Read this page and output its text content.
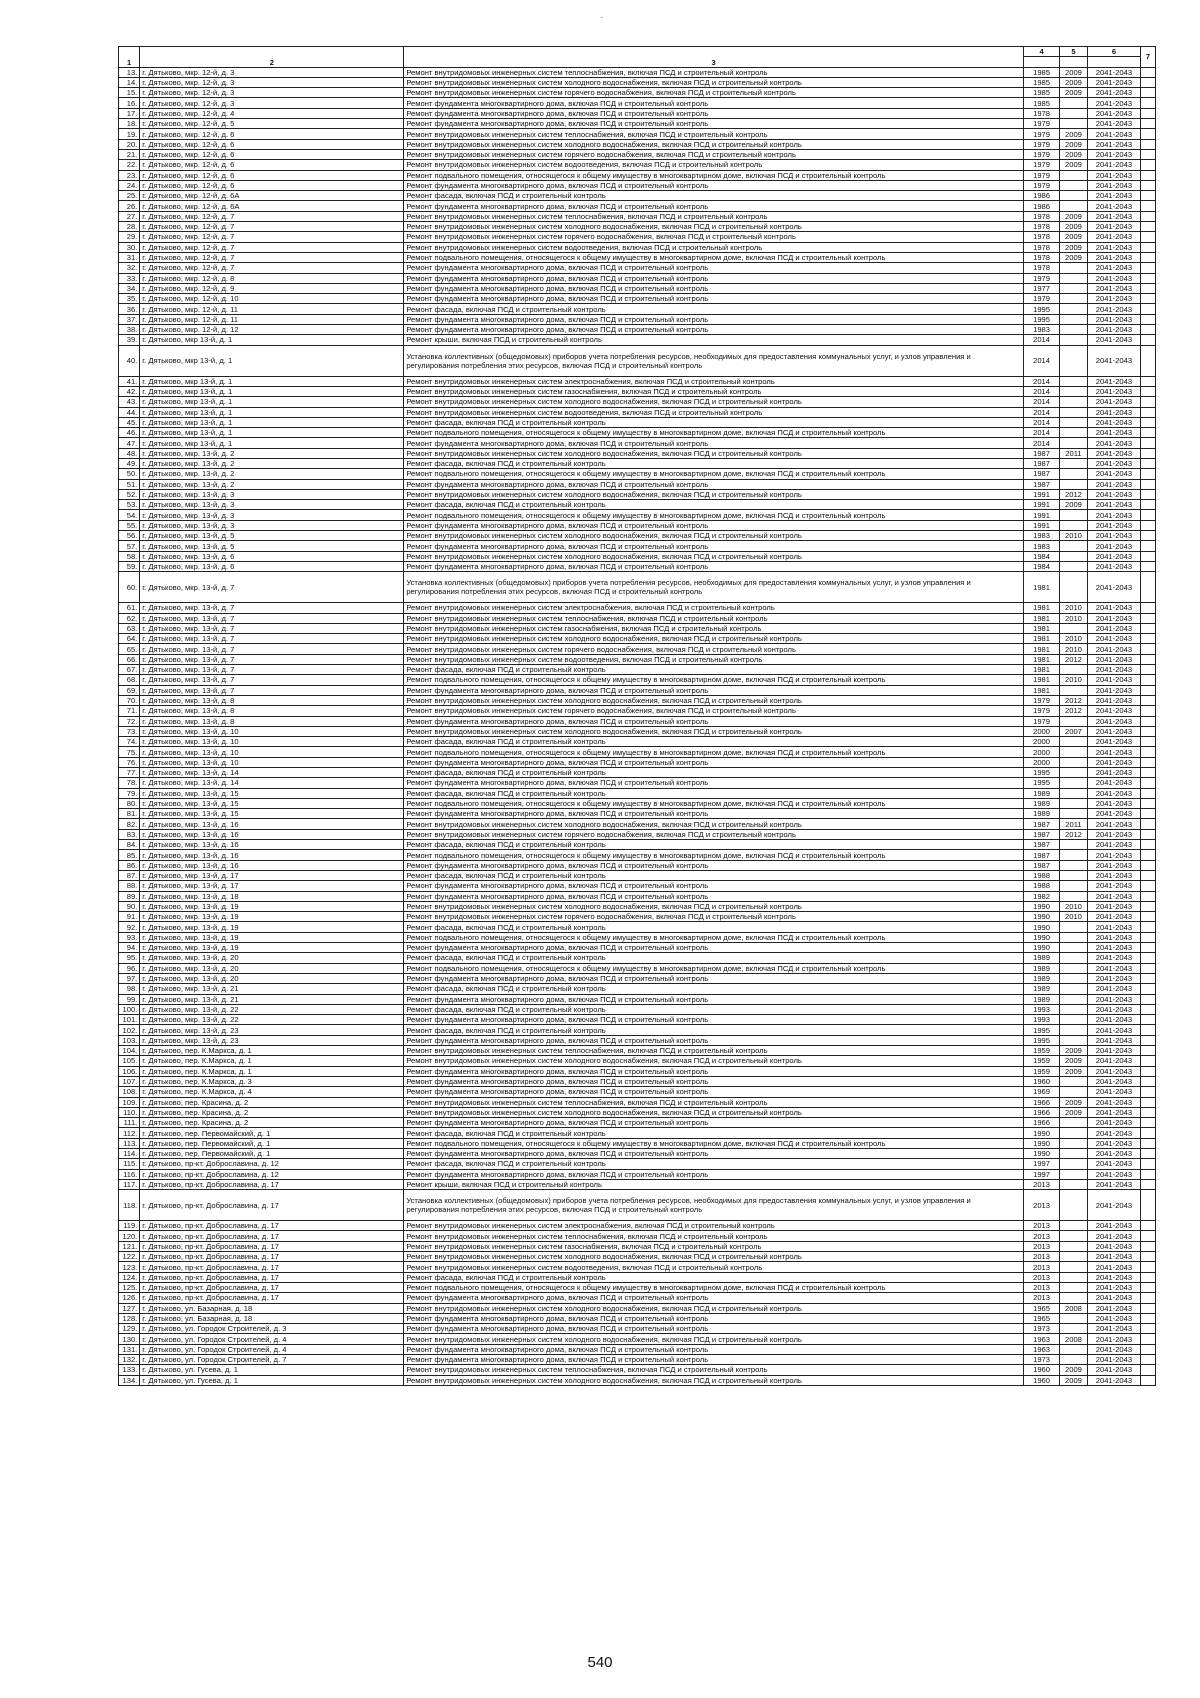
·
1	2	3	4	5	6	7

13.	г. Дятьково, мкр. 12-й, д. 3	Ремонт внутридомовых инженерных систем теплоснабжения, включая ПСД и строительный контроль	1985	2009	2041-2043	
14.	г. Дятьково, мкр. 12-й, д. 3	Ремонт внутридомовых инженерных систем холодного водоснабжения, включая ПСД и строительный контроль	1985	2009	2041-2043	
15.	г. Дятьково, мкр. 12-й, д. 3	Ремонт внутридомовых инженерных систем горячего водоснабжения, включая ПСД и строительный контроль	1985	2009	2041-2043	
16.	г. Дятьково, мкр. 12-й, д. 3	Ремонт фундамента многоквартирного дома, включая ПСД и строительный контроль	1985		2041-2043	
17.	г. Дятьково, мкр. 12-й, д. 4	Ремонт фундамента многоквартирного дома, включая ПСД и строительный контроль	1978		2041-2043	
18.	г. Дятьково, мкр. 12-й, д. 5	Ремонт фундамента многоквартирного дома, включая ПСД и строительный контроль	1979		2041-2043	
19.	г. Дятьково, мкр. 12-й, д. 6	Ремонт внутридомовых инженерных систем теплоснабжения, включая ПСД и строительный контроль	1979	2009	2041-2043	
20.	г. Дятьково, мкр. 12-й, д. 6	Ремонт внутридомовых инженерных систем холодного водоснабжения, включая ПСД и строительный контроль	1979	2009	2041-2043	
21.	г. Дятьково, мкр. 12-й, д. 6	Ремонт внутридомовых инженерных систем горячего водоснабжения, включая ПСД и строительный контроль	1979	2009	2041-2043	
22.	г. Дятьково, мкр. 12-й, д. 6	Ремонт внутридомовых инженерных систем водоотведения, включая ПСД и строительный контроль	1979	2009	2041-2043	
23.	г. Дятьково, мкр. 12-й, д. 6	Ремонт подвального помещения, относящегося к общему имуществу в многоквартирном доме, включая ПСД и строительный контроль	1979		2041-2043	
24.	г. Дятьково, мкр. 12-й, д. 6	Ремонт фундамента многоквартирного дома, включая ПСД и строительный контроль	1979		2041-2043	
25.	г. Дятьково, мкр. 12-й, д. 6А	Ремонт фасада, включая ПСД и строительный контроль	1986		2041-2043	
26.	г. Дятьково, мкр. 12-й, д. 6А	Ремонт фундамента многоквартирного дома, включая ПСД и строительный контроль	1986		2041-2043	
27.	г. Дятьково, мкр. 12-й, д. 7	Ремонт внутридомовых инженерных систем теплоснабжения, включая ПСД и строительный контроль	1978	2009	2041-2043	
28.	г. Дятьково, мкр. 12-й, д. 7	Ремонт внутридомовых инженерных систем холодного водоснабжения, включая ПСД и строительный контроль	1978	2009	2041-2043	
29.	г. Дятьково, мкр. 12-й, д. 7	Ремонт внутридомовых инженерных систем горячего водоснабжения, включая ПСД и строительный контроль	1978	2009	2041-2043	
30.	г. Дятьково, мкр. 12-й, д. 7	Ремонт внутридомовых инженерных систем водоотведения, включая ПСД и строительный контроль	1978	2009	2041-2043	
31.	г. Дятьково, мкр. 12-й, д. 7	Ремонт подвального помещения, относящегося к общему имуществу в многоквартирном доме, включая ПСД и строительный контроль	1978	2009	2041-2043	
32.	г. Дятьково, мкр. 12-й, д. 7	Ремонт фундамента многоквартирного дома, включая ПСД и строительный контроль	1978		2041-2043	
33.	г. Дятьково, мкр. 12-й, д. 8	Ремонт фундамента многоквартирного дома, включая ПСД и строительный контроль	1979		2041-2043	
34.	г. Дятьково, мкр. 12-й, д. 9	Ремонт фундамента многоквартирного дома, включая ПСД и строительный контроль	1977		2041-2043	
35.	г. Дятьково, мкр. 12-й, д. 10	Ремонт фундамента многоквартирного дома, включая ПСД и строительный контроль	1979		2041-2043	
36.	г. Дятьково, мкр. 12-й, д. 11	Ремонт фасада, включая ПСД и строительный контроль	1995		2041-2043	
37.	г. Дятьково, мкр. 12-й, д. 11	Ремонт фундамента многоквартирного дома, включая ПСД и строительный контроль	1995		2041-2043	
38.	г. Дятьково, мкр. 12-й, д. 12	Ремонт фундамента многоквартирного дома, включая ПСД и строительный контроль	1983		2041-2043	
39.	г. Дятьково, мкр 13-й, д. 1	Ремонт крыши, включая ПСД и строительный контроль	2014		2041-2043	
40.	г. Дятьково, мкр 13-й, д. 1	Установка коллективных (общедомовых) приборов учета потребления ресурсов, необходимых для предоставления коммунальных услуг, и узлов управления и регулирования потребления этих ресурсов, включая ПСД и строительный контроль	2014		2041-2043	
41.	г. Дятьково, мкр 13-й, д. 1	Ремонт внутридомовых инженерных систем электроснабжения, включая ПСД и строительный контроль	2014		2041-2043	
42.	г. Дятьково, мкр 13-й, д. 1	Ремонт внутридомовых инженерных систем газоснабжения, включая ПСД и строительный контроль	2014		2041-2043	
43.	г. Дятьково, мкр 13-й, д. 1	Ремонт внутридомовых инженерных систем холодного водоснабжения, включая ПСД и строительный контроль	2014		2041-2043	
44.	г. Дятьково, мкр 13-й, д. 1	Ремонт внутридомовых инженерных систем водоотведения, включая ПСД и строительный контроль	2014		2041-2043	
45.	г. Дятьково, мкр 13-й, д. 1	Ремонт фасада, включая ПСД и строительный контроль	2014		2041-2043	
46.	г. Дятьково, мкр 13-й, д. 1	Ремонт подвального помещения, относящегося к общему имуществу в многоквартирном доме, включая ПСД и строительный контроль	2014		2041-2043	
47.	г. Дятьково, мкр 13-й, д. 1	Ремонт фундамента многоквартирного дома, включая ПСД и строительный контроль	2014		2041-2043	
48.	г. Дятьково, мкр. 13-й, д. 2	Ремонт внутридомовых инженерных систем холодного водоснабжения, включая ПСД и строительный контроль	1987	2011	2041-2043	
49.	г. Дятьково, мкр. 13-й, д. 2	Ремонт фасада, включая ПСД и строительный контроль	1987		2041-2043	
50.	г. Дятьково, мкр. 13-й, д. 2	Ремонт подвального помещения, относящегося к общему имуществу в многоквартирном доме, включая ПСД и строительный контроль	1987		2041-2043	
51.	г. Дятьково, мкр. 13-й, д. 2	Ремонт фундамента многоквартирного дома, включая ПСД и строительный контроль	1987		2041-2043	
52.	г. Дятьково, мкр. 13-й, д. 3	Ремонт внутридомовых инженерных систем холодного водоснабжения, включая ПСД и строительный контроль	1991	2012	2041-2043	
53.	г. Дятьково, мкр. 13-й, д. 3	Ремонт фасада, включая ПСД и строительный контроль	1991	2009	2041-2043	
54.	г. Дятьково, мкр. 13-й, д. 3	Ремонт подвального помещения, относящегося к общему имуществу в многоквартирном доме, включая ПСД и строительный контроль	1991		2041-2043	
55.	г. Дятьково, мкр. 13-й, д. 3	Ремонт фундамента многоквартирного дома, включая ПСД и строительный контроль	1991		2041-2043	
56.	г. Дятьково, мкр. 13-й, д. 5	Ремонт внутридомовых инженерных систем холодного водоснабжения, включая ПСД и строительный контроль	1983	2010	2041-2043	
57.	г. Дятьково, мкр. 13-й, д. 5	Ремонт фундамента многоквартирного дома, включая ПСД и строительный контроль	1983		2041-2043	
58.	г. Дятьково, мкр. 13-й, д. 6	Ремонт внутридомовых инженерных систем холодного водоснабжения, включая ПСД и строительный контроль	1984		2041-2043	
59.	г. Дятьково, мкр. 13-й, д. 6	Ремонт фундамента многоквартирного дома, включая ПСД и строительный контроль	1984		2041-2043	
60.	г. Дятьково, мкр. 13-й, д. 7	Установка коллективных (общедомовых) приборов учета потребления ресурсов, необходимых для предоставления коммунальных услуг, и узлов управления и регулирования потребления этих ресурсов, включая ПСД и строительный контроль	1981		2041-2043	
61.	г. Дятьково, мкр. 13-й, д. 7	Ремонт внутридомовых инженерных систем электроснабжения, включая ПСД и строительный контроль	1981	2010	2041-2043	
62.	г. Дятьково, мкр. 13-й, д. 7	Ремонт внутридомовых инженерных систем теплоснабжения, включая ПСД и строительный контроль	1981	2010	2041-2043	
63.	г. Дятьково, мкр. 13-й, д. 7	Ремонт внутридомовых инженерных систем газоснабжения, включая ПСД и строительный контроль	1981		2041-2043	
64.	г. Дятьково, мкр. 13-й, д. 7	Ремонт внутридомовых инженерных систем холодного водоснабжения, включая ПСД и строительный контроль	1981	2010	2041-2043	
65.	г. Дятьково, мкр. 13-й, д. 7	Ремонт внутридомовых инженерных систем горячего водоснабжения, включая ПСД и строительный контроль	1981	2010	2041-2043	
66.	г. Дятьково, мкр. 13-й, д. 7	Ремонт внутридомовых инженерных систем водоотведения, включая ПСД и строительный контроль	1981	2012	2041-2043	
67.	г. Дятьково, мкр. 13-й, д. 7	Ремонт фасада, включая ПСД и строительный контроль	1981		2041-2043	
68.	г. Дятьково, мкр. 13-й, д. 7	Ремонт подвального помещения, относящегося к общему имуществу в многоквартирном доме, включая ПСД и строительный контроль	1981	2010	2041-2043	
69.	г. Дятьково, мкр. 13-й, д. 7	Ремонт фундамента многоквартирного дома, включая ПСД и строительный контроль	1981		2041-2043	
70.	г. Дятьково, мкр. 13-й, д. 8	Ремонт внутридомовых инженерных систем холодного водоснабжения, включая ПСД и строительный контроль	1979	2012	2041-2043	
71.	г. Дятьково, мкр. 13-й, д. 8	Ремонт внутридомовых инженерных систем горячего водоснабжения, включая ПСД и строительный контроль	1979	2012	2041-2043	
72.	г. Дятьково, мкр. 13-й, д. 8	Ремонт фундамента многоквартирного дома, включая ПСД и строительный контроль	1979		2041-2043	
73.	г. Дятьково, мкр. 13-й, д. 10	Ремонт внутридомовых инженерных систем холодного водоснабжения, включая ПСД и строительный контроль	2000	2007	2041-2043	
74.	г. Дятьково, мкр. 13-й, д. 10	Ремонт фасада, включая ПСД и строительный контроль	2000		2041-2043	
75.	г. Дятьково, мкр. 13-й, д. 10	Ремонт подвального помещения, относящегося к общему имуществу в многоквартирном доме, включая ПСД и строительный контроль	2000		2041-2043	
76.	г. Дятьково, мкр. 13-й, д. 10	Ремонт фундамента многоквартирного дома, включая ПСД и строительный контроль	2000		2041-2043	
77.	г. Дятьково, мкр. 13-й, д. 14	Ремонт фасада, включая ПСД и строительный контроль	1995		2041-2043	
78.	г. Дятьково, мкр. 13-й, д. 14	Ремонт фундамента многоквартирного дома, включая ПСД и строительный контроль	1995		2041-2043	
79.	г. Дятьково, мкр. 13-й, д. 15	Ремонт фасада, включая ПСД и строительный контроль	1989		2041-2043	
80.	г. Дятьково, мкр. 13-й, д. 15	Ремонт подвального помещения, относящегося к общему имуществу в многоквартирном доме, включая ПСД и строительный контроль	1989		2041-2043	
81.	г. Дятьково, мкр. 13-й, д. 15	Ремонт фундамента многоквартирного дома, включая ПСД и строительный контроль	1989		2041-2043	
82.	г. Дятьково, мкр. 13-й, д. 16	Ремонт внутридомовых инженерных систем холодного водоснабжения, включая ПСД и строительный контроль	1987	2011	2041-2043	
83.	г. Дятьково, мкр. 13-й, д. 16	Ремонт внутридомовых инженерных систем горячего водоснабжения, включая ПСД и строительный контроль	1987	2012	2041-2043	
84.	г. Дятьково, мкр. 13-й, д. 16	Ремонт фасада, включая ПСД и строительный контроль	1987		2041-2043	
85.	г. Дятьково, мкр. 13-й, д. 16	Ремонт подвального помещения, относящегося к общему имуществу в многоквартирном доме, включая ПСД и строительный контроль	1987		2041-2043	
86.	г. Дятьково, мкр. 13-й, д. 16	Ремонт фундамента многоквартирного дома, включая ПСД и строительный контроль	1987		2041-2043	
87.	г. Дятьково, мкр. 13-й, д. 17	Ремонт фасада, включая ПСД и строительный контроль	1988		2041-2043	
88.	г. Дятьково, мкр. 13-й, д. 17	Ремонт фундамента многоквартирного дома, включая ПСД и строительный контроль	1988		2041-2043	
89.	г. Дятьково, мкр. 13-й, д. 18	Ремонт фундамента многоквартирного дома, включая ПСД и строительный контроль	1982		2041-2043	
90.	г. Дятьково, мкр. 13-й, д. 19	Ремонт внутридомовых инженерных систем холодного водоснабжения, включая ПСД и строительный контроль	1990	2010	2041-2043	
91.	г. Дятьково, мкр. 13-й, д. 19	Ремонт внутридомовых инженерных систем горячего водоснабжения, включая ПСД и строительный контроль	1990	2010	2041-2043	
92.	г. Дятьково, мкр. 13-й, д. 19	Ремонт фасада, включая ПСД и строительный контроль	1990		2041-2043	
93.	г. Дятьково, мкр. 13-й, д. 19	Ремонт подвального помещения, относящегося к общему имуществу в многоквартирном доме, включая ПСД и строительный контроль	1990		2041-2043	
94.	г. Дятьково, мкр. 13-й, д. 19	Ремонт фундамента многоквартирного дома, включая ПСД и строительный контроль	1990		2041-2043	
95.	г. Дятьково, мкр. 13-й, д. 20	Ремонт фасада, включая ПСД и строительный контроль	1989		2041-2043	
96.	г. Дятьково, мкр. 13-й, д. 20	Ремонт подвального помещения, относящегося к общему имуществу в многоквартирном доме, включая ПСД и строительный контроль	1989		2041-2043	
97.	г. Дятьково, мкр. 13-й, д. 20	Ремонт фундамента многоквартирного дома, включая ПСД и строительный контроль	1989		2041-2043	
98.	г. Дятьково, мкр. 13-й, д. 21	Ремонт фасада, включая ПСД и строительный контроль	1989		2041-2043	
99.	г. Дятьково, мкр. 13-й, д. 21	Ремонт фундамента многоквартирного дома, включая ПСД и строительный контроль	1989		2041-2043	
100.	г. Дятьково, мкр. 13-й, д. 22	Ремонт фасада, включая ПСД и строительный контроль	1993		2041-2043	
101.	г. Дятьково, мкр. 13-й, д. 22	Ремонт фундамента многоквартирного дома, включая ПСД и строительный контроль	1993		2041-2043	
102.	г. Дятьково, мкр. 13-й, д. 23	Ремонт фасада, включая ПСД и строительный контроль	1995		2041-2043	
103.	г. Дятьково, мкр. 13-й, д. 23	Ремонт фундамента многоквартирного дома, включая ПСД и строительный контроль	1995		2041-2043	
104.	г. Дятьково, пер. К.Маркса, д. 1	Ремонт внутридомовых инженерных систем теплоснабжения, включая ПСД и строительный контроль	1959	2009	2041-2043	
105.	г. Дятьково, пер. К.Маркса, д. 1	Ремонт внутридомовых инженерных систем холодного водоснабжения, включая ПСД и строительный контроль	1959	2009	2041-2043	
106.	г. Дятьково, пер. К.Маркса, д. 1	Ремонт фундамента многоквартирного дома, включая ПСД и строительный контроль	1959	2009	2041-2043	
107.	г. Дятьково, пер. К.Маркса, д. 3	Ремонт фундамента многоквартирного дома, включая ПСД и строительный контроль	1960		2041-2043	
108.	г. Дятьково, пер. К.Маркса, д. 4	Ремонт фундамента многоквартирного дома, включая ПСД и строительный контроль	1969		2041-2043	
109.	г. Дятьково, пер. Красина, д. 2	Ремонт внутридомовых инженерных систем теплоснабжения, включая ПСД и строительный контроль	1966	2009	2041-2043	
110.	г. Дятьково, пер. Красина, д. 2	Ремонт внутридомовых инженерных систем холодного водоснабжения, включая ПСД и строительный контроль	1966	2009	2041-2043	
111.	г. Дятьково, пер. Красина, д. 2	Ремонт фундамента многоквартирного дома, включая ПСД и строительный контроль	1966		2041-2043	
112.	г. Дятьково, пер. Первомайский, д. 1	Ремонт фасада, включая ПСД и строительный контроль	1990		2041-2043	
113.	г. Дятьково, пер. Первомайский, д. 1	Ремонт подвального помещения, относящегося к общему имуществу в многоквартирном доме, включая ПСД и строительный контроль	1990		2041-2043	
114.	г. Дятьково, пер. Первомайский, д. 1	Ремонт фундамента многоквартирного дома, включая ПСД и строительный контроль	1990		2041-2043	
115.	г. Дятьково, пр-кт. Доброславина, д. 12	Ремонт фасада, включая ПСД и строительный контроль	1997		2041-2043	
116.	г. Дятьково, пр-кт. Доброславина, д. 12	Ремонт фундамента многоквартирного дома, включая ПСД и строительный контроль	1997		2041-2043	
117.	г. Дятьково, пр-кт. Доброславина, д. 17	Ремонт крыши, включая ПСД и строительный контроль	2013		2041-2043	
118.	г. Дятьково, пр-кт. Доброславина, д. 17	Установка коллективных (общедомовых) приборов учета потребления ресурсов, необходимых для предоставления коммунальных услуг, и узлов управления и регулирования потребления этих ресурсов, включая ПСД и строительный контроль	2013		2041-2043	
119.	г. Дятьково, пр-кт. Доброславина, д. 17	Ремонт внутридомовых инженерных систем электроснабжения, включая ПСД и строительный контроль	2013		2041-2043	
120.	г. Дятьково, пр-кт. Доброславина, д. 17	Ремонт внутридомовых инженерных систем теплоснабжения, включая ПСД и строительный контроль	2013		2041-2043	
121.	г. Дятьково, пр-кт. Доброславина, д. 17	Ремонт внутридомовых инженерных систем газоснабжения, включая ПСД и строительный контроль	2013		2041-2043	
122.	г. Дятьково, пр-кт. Доброславина, д. 17	Ремонт внутридомовых инженерных систем холодного водоснабжения, включая ПСД и строительный контроль	2013		2041-2043	
123.	г. Дятьково, пр-кт. Доброславина, д. 17	Ремонт внутридомовых инженерных систем водоотведения, включая ПСД и строительный контроль	2013		2041-2043	
124.	г. Дятьково, пр-кт. Доброславина, д. 17	Ремонт фасада, включая ПСД и строительный контроль	2013		2041-2043	
125.	г. Дятьково, пр-кт. Доброславина, д. 17	Ремонт подвального помещения, относящегося к общему имуществу в многоквартирном доме, включая ПСД и строительный контроль	2013		2041-2043	
126.	г. Дятьково, пр-кт. Доброславина, д. 17	Ремонт фундамента многоквартирного дома, включая ПСД и строительный контроль	2013		2041-2043	
127.	г. Дятьково, ул. Базарная, д. 18	Ремонт внутридомовых инженерных систем холодного водоснабжения, включая ПСД и строительный контроль	1965	2008	2041-2043	
128.	г. Дятьково, ул. Базарная, д. 18	Ремонт фундамента многоквартирного дома, включая ПСД и строительный контроль	1965		2041-2043	
129.	г. Дятьково, ул. Городок Строителей, д. 3	Ремонт фундамента многоквартирного дома, включая ПСД и строительный контроль	1973		2041-2043	
130.	г. Дятьково, ул. Городок Строителей, д. 4	Ремонт внутридомовых инженерных систем холодного водоснабжения, включая ПСД и строительный контроль	1963	2008	2041-2043	
131.	г. Дятьково, ул. Городок Строителей, д. 4	Ремонт фундамента многоквартирного дома, включая ПСД и строительный контроль	1963		2041-2043	
132.	г. Дятьково, ул. Городок Строителей, д. 7	Ремонт фундамента многоквартирного дома, включая ПСД и строительный контроль	1973		2041-2043	
133.	г. Дятьково, ул. Гусева, д. 1	Ремонт внутридомовых инженерных систем теплоснабжения, включая ПСД и строительный контроль	1960	2009	2041-2043	
134.	г. Дятьково, ул. Гусева, д. 1	Ремонт внутридомовых инженерных систем холодного водоснабжения, включая ПСД и строительный контроль	1960	2009	2041-2043	
540
